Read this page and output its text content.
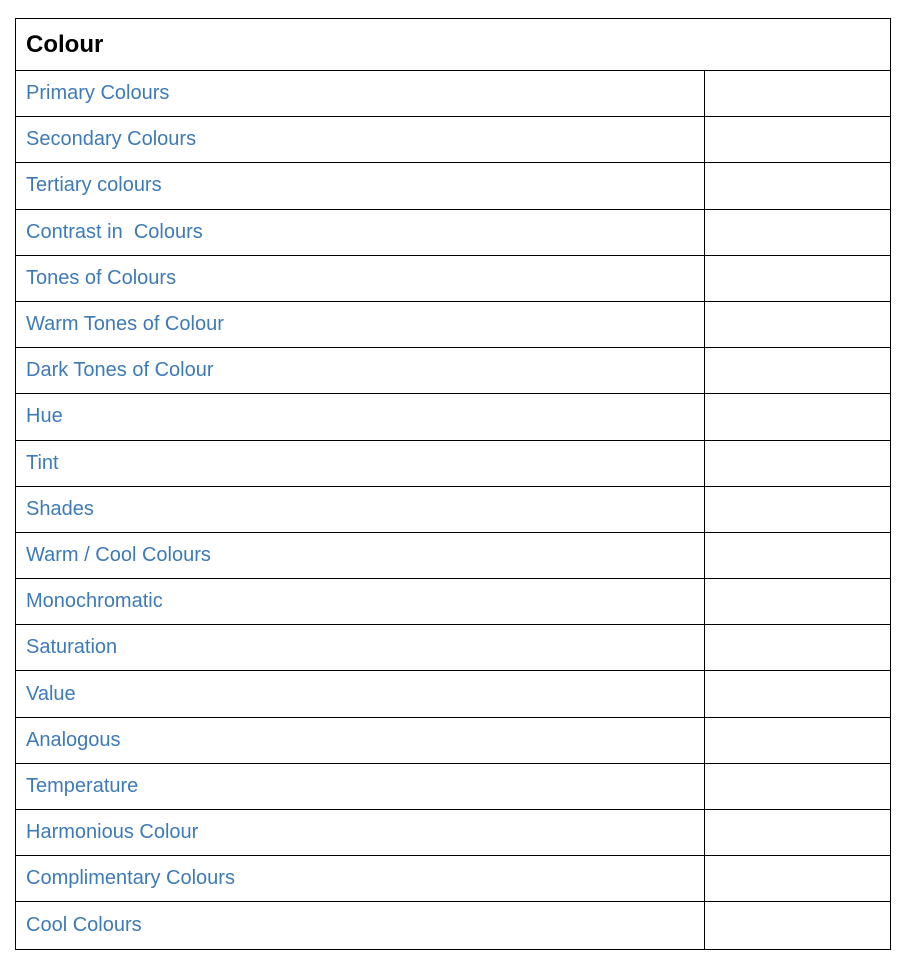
Colour
Primary Colours
Secondary Colours
Tertiary colours
Contrast in  Colours
Tones of Colours
Warm Tones of Colour
Dark Tones of Colour
Hue
Tint
Shades
Warm / Cool Colours
Monochromatic
Saturation
Value
Analogous
Temperature
Harmonious Colour
Complimentary Colours
Cool Colours
